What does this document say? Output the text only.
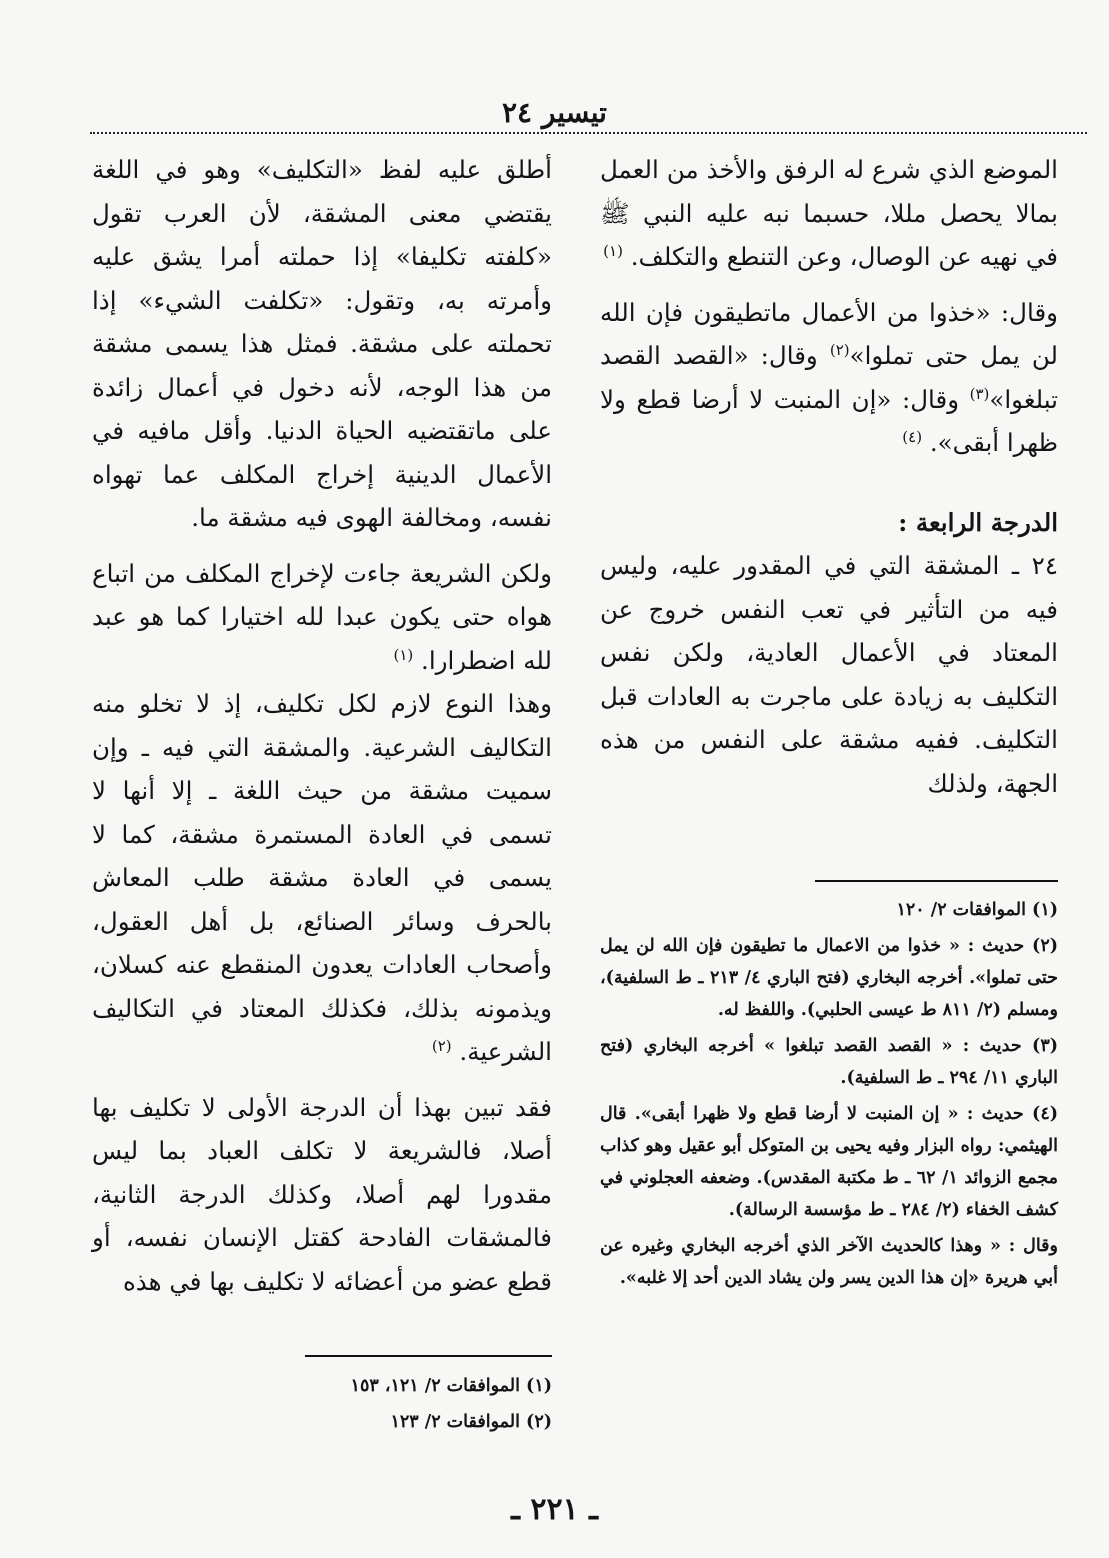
تيسير ٢٤

الموضع الذي شرع له الرفق والأخذ من العمل بمالا يحصل مللا، حسبما نبه عليه النبي ﷺ في نهيه عن الوصال، وعن التنطع والتكلف. $^{(١)}$

وقال: «خذوا من الأعمال ماتطيقون فإن الله لن يمل حتى تملوا»$^{(٢)}$ وقال: «القصد القصد تبلغوا»$^{(٣)}$ وقال: «إن المنبت لا أرضا قطع ولا ظهرا أبقى». $^{(٤)}$

الدرجة الرابعة :

٢٤ ـ المشقة التي في المقدور عليه، وليس فيه من التأثير في تعب النفس خروج عن المعتاد في الأعمال العادية، ولكن نفس التكليف به زيادة على ماجرت به العادات قبل التكليف. ففيه مشقة على النفس من هذه الجهة، ولذلك

أطلق عليه لفظ «التكليف» وهو في اللغة يقتضي معنى المشقة، لأن العرب تقول «كلفته تكليفا» إذا حملته أمرا يشق عليه وأمرته به، وتقول: «تكلفت الشيء» إذا تحملته على مشقة. فمثل هذا يسمى مشقة من هذا الوجه، لأنه دخول في أعمال زائدة على ماتقتضيه الحياة الدنيا. وأقل مافيه في الأعمال الدينية إخراج المكلف عما تهواه نفسه، ومخالفة الهوى فيه مشقة ما.

ولكن الشريعة جاءت لإخراج المكلف من اتباع هواه حتى يكون عبدا لله اختيارا كما هو عبد لله اضطرارا. $^{(١)}$

وهذا النوع لازم لكل تكليف، إذ لا تخلو منه التكاليف الشرعية. والمشقة التي فيه ـ وإن سميت مشقة من حيث اللغة ـ إلا أنها لا تسمى في العادة المستمرة مشقة، كما لا يسمى في العادة مشقة طلب المعاش بالحرف وسائر الصنائع، بل أهل العقول، وأصحاب العادات يعدون المنقطع عنه كسلان، ويذمونه بذلك، فكذلك المعتاد في التكاليف الشرعية. $^{(٢)}$

فقد تبين بهذا أن الدرجة الأولى لا تكليف بها أصلا، فالشريعة لا تكلف العباد بما ليس مقدورا لهم أصلا، وكذلك الدرجة الثانية، فالمشقات الفادحة كقتل الإنسان نفسه، أو قطع عضو من أعضائه لا تكليف بها في هذه

(١) الموافقات ٢/ ١٢٠

(٢) حديث : « خذوا من الاعمال ما تطيقون فإن الله لن يمل حتى تملوا». أخرجه البخاري (فتح الباري ٤/ ٢١٣ ـ ط السلفية)، ومسلم (٢/ ٨١١ ط عيسى الحلبي). واللفظ له.

(٣) حديث : « القصد القصد تبلغوا » أخرجه البخاري (فتح الباري ١١/ ٢٩٤ ـ ط السلفية).

(٤) حديث : « إن المنبت لا أرضا قطع ولا ظهرا أبقى». قال الهيثمي: رواه البزار وفيه يحيى بن المتوكل أبو عقيل وهو كذاب مجمع الزوائد ١/ ٦٢ ـ ط مكتبة المقدس). وضعفه العجلوني في كشف الخفاء (٢/ ٢٨٤ ـ ط مؤسسة الرسالة).

وقال : « وهذا كالحديث الآخر الذي أخرجه البخاري وغيره عن أبي هريرة «إن هذا الدين يسر ولن يشاد الدين أحد إلا غلبه».

(١) الموافقات ٢/ ١٢١، ١٥٣

(٢) الموافقات ٢/ ١٢٣

ـ ٢٢١ ـ
